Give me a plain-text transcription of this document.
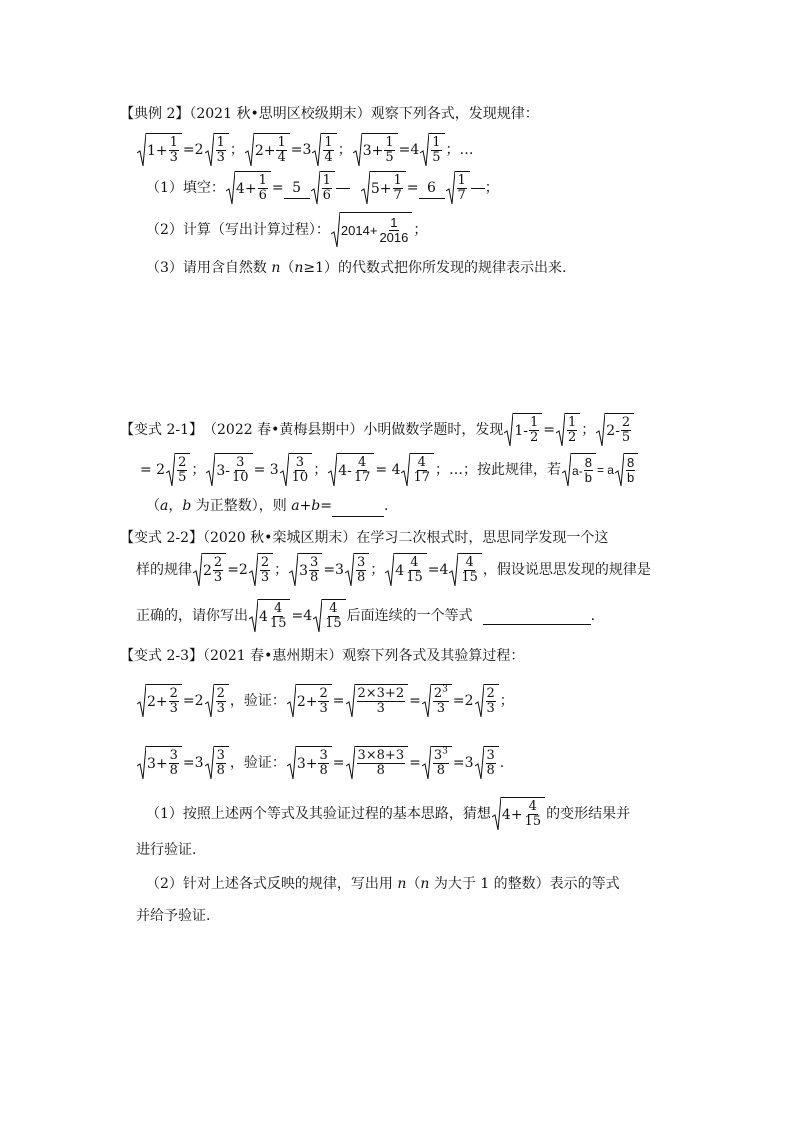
【典例 2】（2021 秋•思明区校级期末）观察下列各式，发现规律：
$1+ \frac{1}{3} =2$ 1
3 ； $2+ \frac{1}{4} =3$ 1
4 ； $3+ \frac{1}{5} =4$ 1
5 ；…
（1）填空： $4+ \frac{1}{6} = 5$	1
6	$5+ \frac{1}{7} = 6$	1
7 ；
（2）计算（写出计算过程）： $2014+ \frac{1}{2016}$ ；
（3）请用含自然数 n（n≥1）的代数式把你所发现的规律表示出来.
【变式 2-1】 （2022 春•黄梅县期中）小明做数学题时，发现 1- 1
2 = 1
2 ； 2- 2
5
= 2 2
5 ； 3- 3
10 = 3 3
10 ； 4- 4
17 = 4 4
17 ；…；按此规律，若 a-
8
b = a 8
b
（a，b 为正整数），则 a+b=	.
【变式 2-2】（2020 秋•栾城区期末）在学习二次根式时，思思同学发现一个这
样的规律 2 2
3 =2 2
3 ； 3 3
8 =3 3
8 ； 4 4
15 =4 4
15 ，假设说思思发现的规律是
正确的，请你写出 4 4
15 =4 4
15 后面连续的一个等式	.
【变式 2-3】（2021 春•惠州期末）观察下列各式及其验算过程：
$2+ \frac{2}{3} =2$ 2
3 ，验证： $2+ \frac{2}{3} = 2\times 3+2$
$3 = 2^3$
3 =2 2
3 ；
$3+ \frac{3}{8} =3$ 3
8 ，验证： $3+ \frac{3}{8} = 3\times 8+3$
$8 = 3^3$
8 =3 3
8 .
（1）按照上述两个等式及其验证过程的基本思路，猜想 $4+ \frac{4}{15}$ 的变形结果并
进行验证.
（2）针对上述各式反映的规律，写出用 n（n 为大于 1 的整数）表示的等式
并给予验证.
